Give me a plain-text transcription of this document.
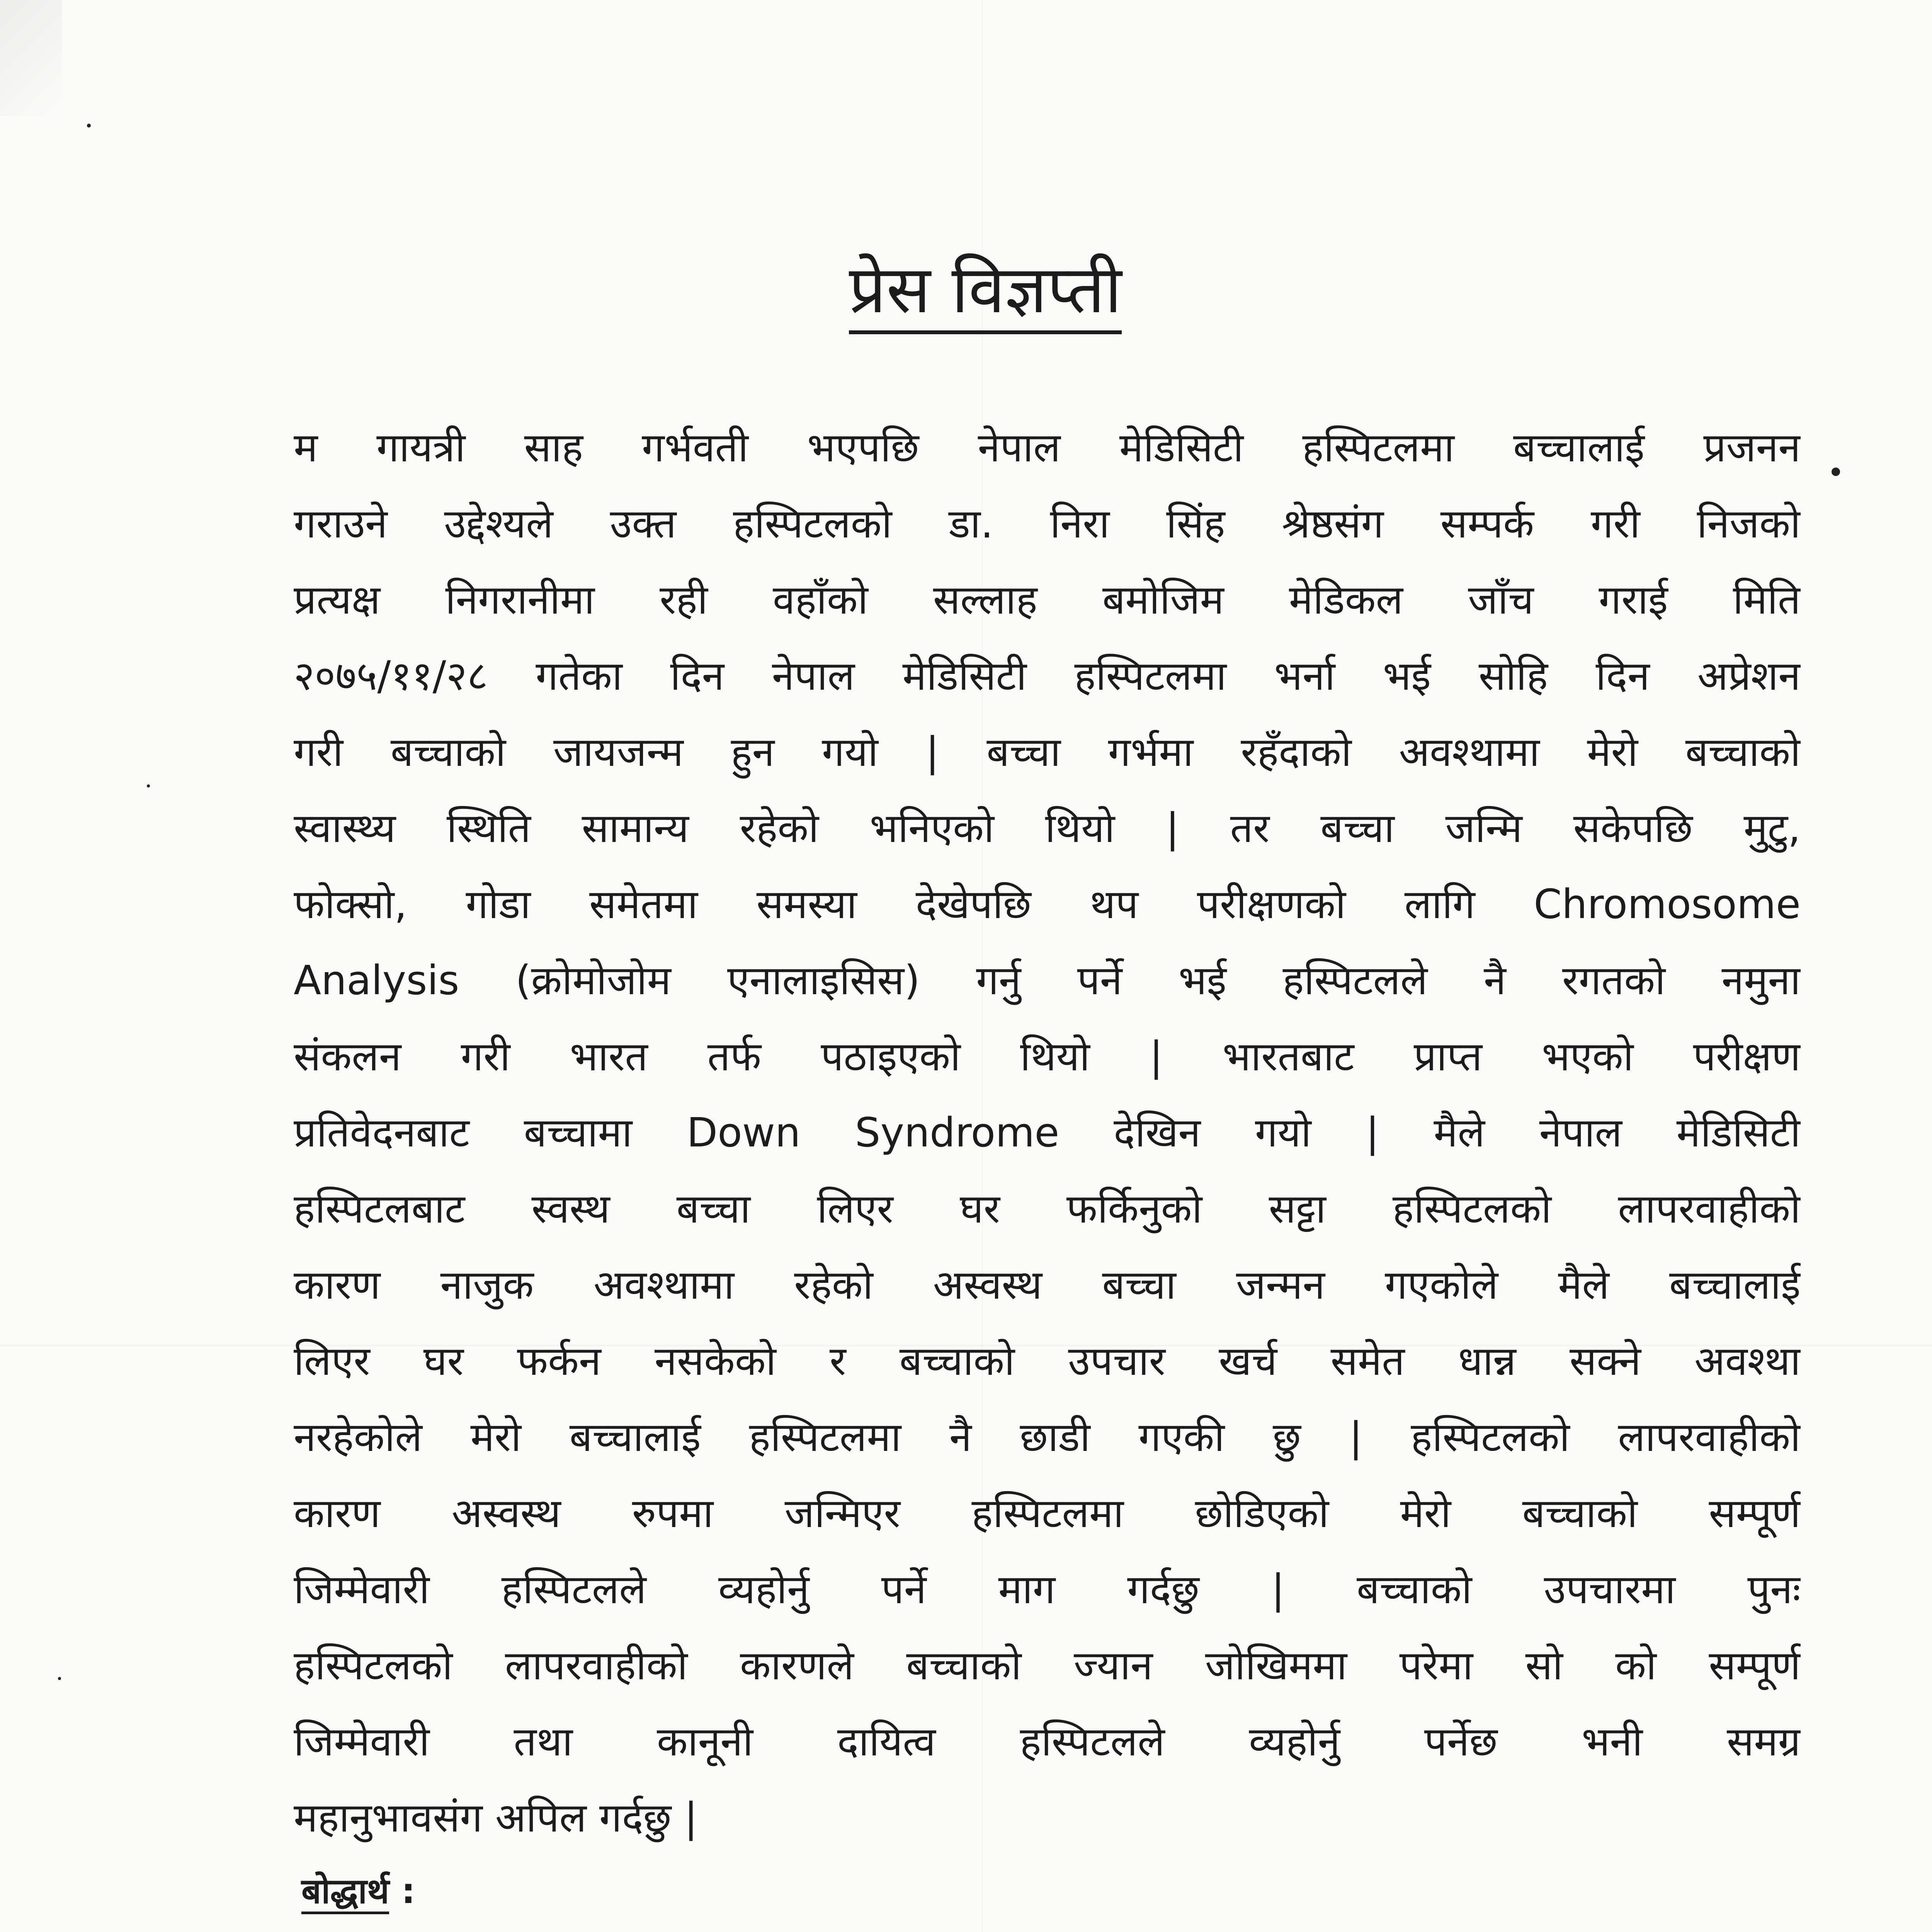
प्रेस विज्ञप्ती
म गायत्री साह गर्भवती भएपछि नेपाल मेडिसिटी हस्पिटलमा बच्चालाई प्रजनन
गराउने उद्देश्यले उक्त हस्पिटलको डा. निरा सिंह श्रेष्ठसंग सम्पर्क गरी निजको
प्रत्यक्ष निगरानीमा रही वहाँको सल्लाह बमोजिम मेडिकल जाँच गराई मिति
२०७५/११/२८ गतेका दिन नेपाल मेडिसिटी हस्पिटलमा भर्ना भई सोहि दिन अप्रेशन
गरी बच्चाको जायजन्म हुन गयो | बच्चा गर्भमा रहँदाको अवश्थामा मेरो बच्चाको
स्वास्थ्य स्थिति सामान्य रहेको भनिएको थियो | तर बच्चा जन्मि सकेपछि मुटु,
फोक्सो, गोडा समेतमा समस्या देखेपछि थप परीक्षणको लागि Chromosome
Analysis (क्रोमोजोम एनालाइसिस) गर्नु पर्ने भई हस्पिटलले नै रगतको नमुना
संकलन गरी भारत तर्फ पठाइएको थियो | भारतबाट प्राप्त भएको परीक्षण
प्रतिवेदनबाट बच्चामा Down Syndrome देखिन गयो | मैले नेपाल मेडिसिटी
हस्पिटलबाट स्वस्थ बच्चा लिएर घर फर्किनुको सट्टा हस्पिटलको लापरवाहीको
कारण नाजुक अवश्थामा रहेको अस्वस्थ बच्चा जन्मन गएकोले मैले बच्चालाई
लिएर घर फर्कन नसकेको र बच्चाको उपचार खर्च समेत धान्न सक्ने अवश्था
नरहेकोले मेरो बच्चालाई हस्पिटलमा नै छाडी गएकी छु | हस्पिटलको लापरवाहीको
कारण अस्वस्थ रुपमा जन्मिएर हस्पिटलमा छोडिएको मेरो बच्चाको सम्पूर्ण
जिम्मेवारी हस्पिटलले व्यहोर्नु पर्ने माग गर्दछु | बच्चाको उपचारमा पुनः
हस्पिटलको लापरवाहीको कारणले बच्चाको ज्यान जोखिममा परेमा सो को सम्पूर्ण
जिम्मेवारी तथा कानूनी दायित्व हस्पिटलले व्यहोर्नु पर्नेछ भनी समग्र
महानुभावसंग अपिल गर्दछु |
बोद्धार्थ :
